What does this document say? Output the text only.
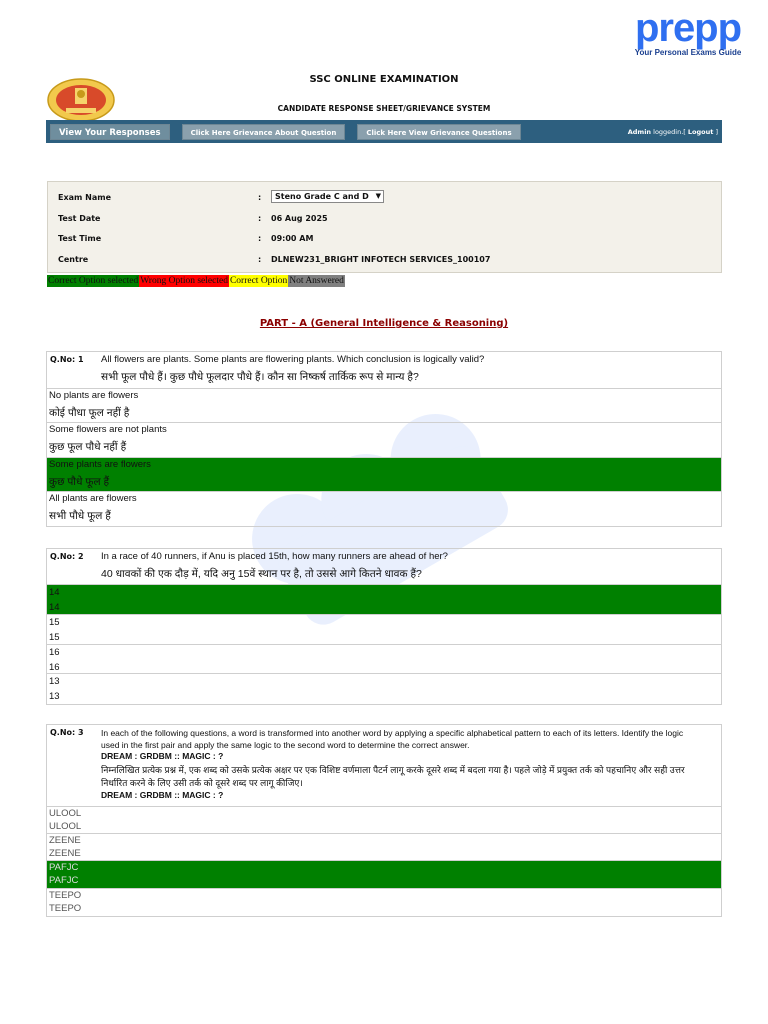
prepp
Your Personal Exams Guide
SSC ONLINE EXAMINATION
CANDIDATE RESPONSE SHEET/GRIEVANCE SYSTEM
View Your Responses	Click Here Grievance About Question	Click Here View Grievance Questions	Admin loggedin.[ Logout ]
Exam Name	: Steno Grade C and D ▼
Test Date	: 06 Aug 2025
Test Time	: 09:00 AM
Centre	: DLNEW231_BRIGHT INFOTECH SERVICES_100107
Correct Option selected Wrong Option selected Correct Option Not Answered
PART - A (General Intelligence & Reasoning)
Q.No: 1 All flowers are plants. Some plants are flowering plants. Which conclusion is logically valid?
सभी फूल पौधे हैं। कुछ पौधे फूलदार पौधे हैं। कौन सा निष्कर्ष तार्किक रूप से मान्य है?
No plants are flowers
कोई पौधा फूल नहीं है
Some flowers are not plants
कुछ फूल पौधे नहीं हैं
Some plants are flowers
कुछ पौधे फूल हैं
All plants are flowers
सभी पौधे फूल हैं
Q.No: 2 In a race of 40 runners, if Anu is placed 15th, how many runners are ahead of her?
40 धावकों की एक दौड़ में, यदि अनु 15वें स्थान पर है, तो उससे आगे कितने धावक हैं?
14
14
15
15
16
16
13
13
Q.No: 3 In each of the following questions, a word is transformed into another word by applying a specific alphabetical pattern to each of its letters. Identify the logic used in the first pair and apply the same logic to the second word to determine the correct answer.
DREAM : GRDBM :: MAGIC : ?
निम्नलिखित प्रत्येक प्रश्न में, एक शब्द को उसके प्रत्येक अक्षर पर एक विशिष्ट वर्णमाला पैटर्न लागू करके दूसरे शब्द में बदला गया है। पहले जोड़े में प्रयुक्त तर्क को पहचानिए और सही उत्तर निर्धारित करने के लिए उसी तर्क को दूसरे शब्द पर लागू कीजिए।
DREAM : GRDBM :: MAGIC : ?
ULOOL
ULOOL
ZEENE
ZEENE
PAFJC
PAFJC
TEEPO
TEEPO
